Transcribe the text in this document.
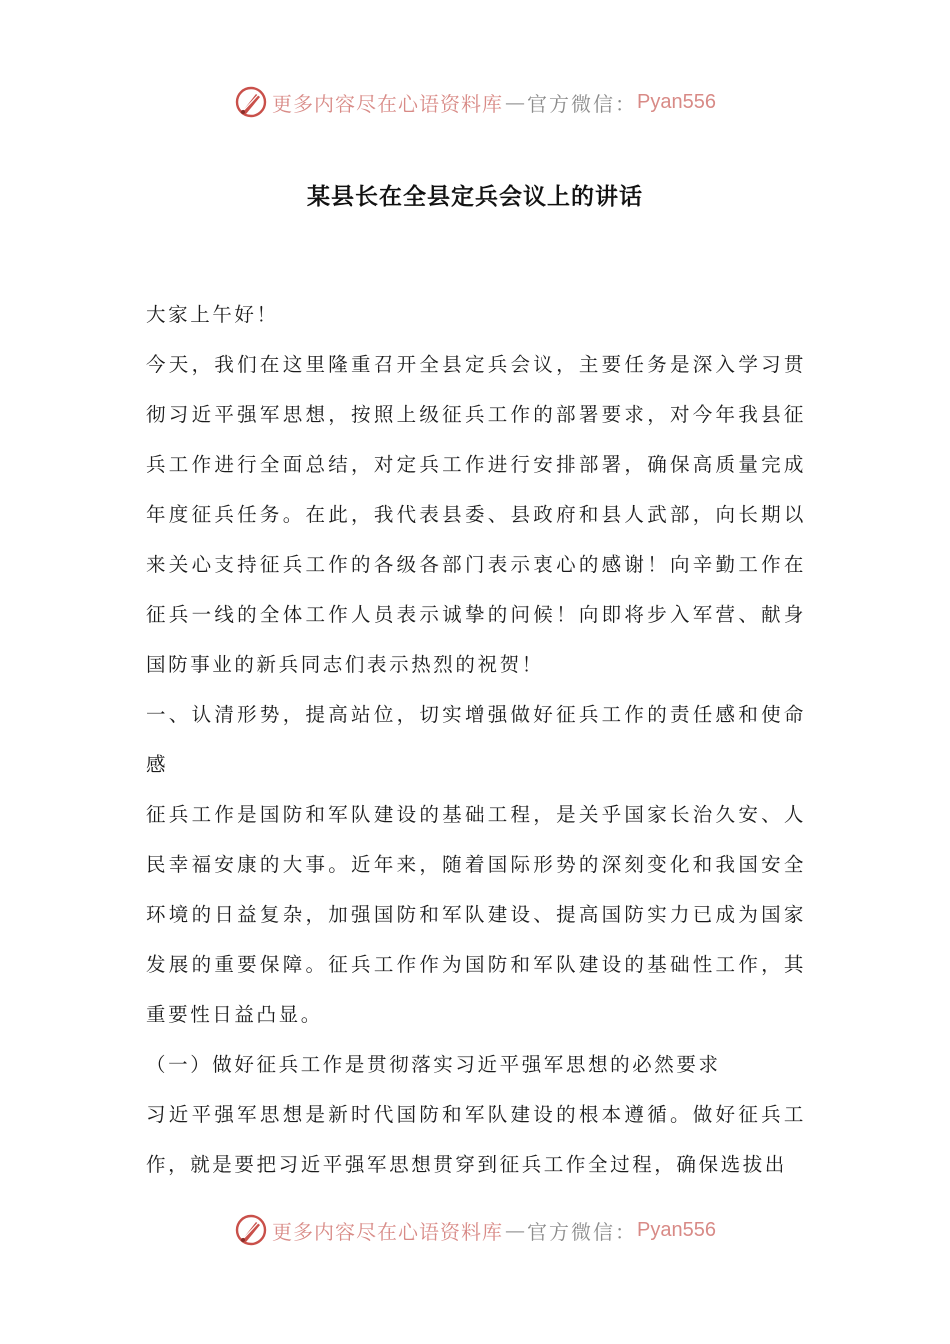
更多内容尽在心语资料库 — 官方微信： Pyan556
某县长在全县定兵会议上的讲话

大家上午好！

今天，我们在这里隆重召开全县定兵会议，主要任务是深入学习贯彻习近平强军思想，按照上级征兵工作的部署要求，对今年我县征兵工作进行全面总结，对定兵工作进行安排部署，确保高质量完成年度征兵任务。在此，我代表县委、县政府和县人武部，向长期以来关心支持征兵工作的各级各部门表示衷心的感谢！向辛勤工作在征兵一线的全体工作人员表示诚挚的问候！向即将步入军营、献身国防事业的新兵同志们表示热烈的祝贺！

一、认清形势，提高站位，切实增强做好征兵工作的责任感和使命感

征兵工作是国防和军队建设的基础工程，是关乎国家长治久安、人民幸福安康的大事。近年来，随着国际形势的深刻变化和我国安全环境的日益复杂，加强国防和军队建设、提高国防实力已成为国家发展的重要保障。征兵工作作为国防和军队建设的基础性工作，其重要性日益凸显。

（一）做好征兵工作是贯彻落实习近平强军思想的必然要求

习近平强军思想是新时代国防和军队建设的根本遵循。做好征兵工作，就是要把习近平强军思想贯穿到征兵工作全过程，确保选拔出

更多内容尽在心语资料库 — 官方微信： Pyan556
